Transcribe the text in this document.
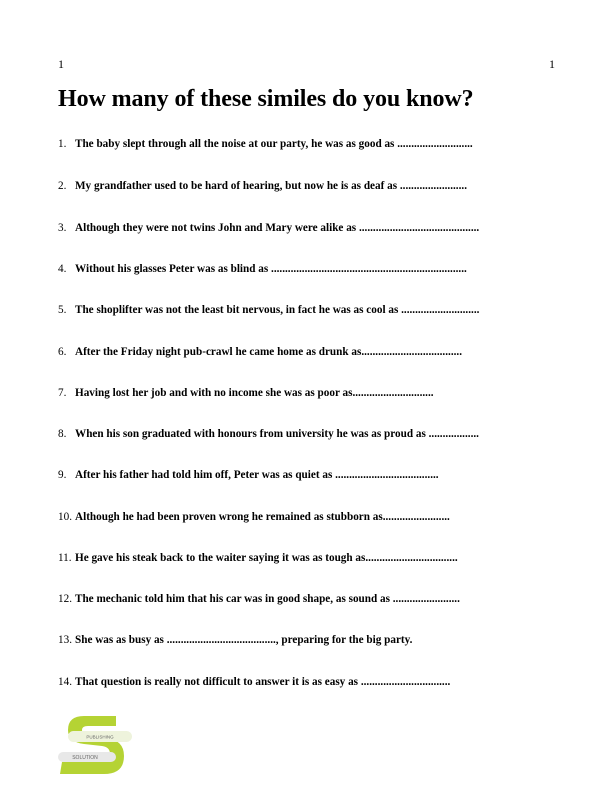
1	1
How many of these similes do you know?
1. The baby slept through all the noise at our party, he was as good as ...........................
2. My grandfather used to be hard of hearing, but now he is as deaf as ........................
3. Although they were not twins John and Mary were alike as ...........................................
4. Without his glasses Peter was as blind as ......................................................................
5. The shoplifter was not the least bit nervous, in fact he was as cool as ............................
6. After the Friday night pub-crawl he came home as drunk as....................................
7. Having lost her job and with no income she was as poor as.............................
8. When his son graduated with honours from university he was as proud as ..................
9. After his father had told him off, Peter was as quiet as .....................................
10. Although he had been proven wrong he remained as stubborn as........................
11. He gave his steak back to the waiter saying it was as tough as.................................
12. The mechanic told him that his car was in good shape, as sound as ........................
13. She was as busy as ......................................., preparing for the big party.
14. That question is really not difficult to answer it is as easy as ................................
PUBLISHING
SOLUTION
